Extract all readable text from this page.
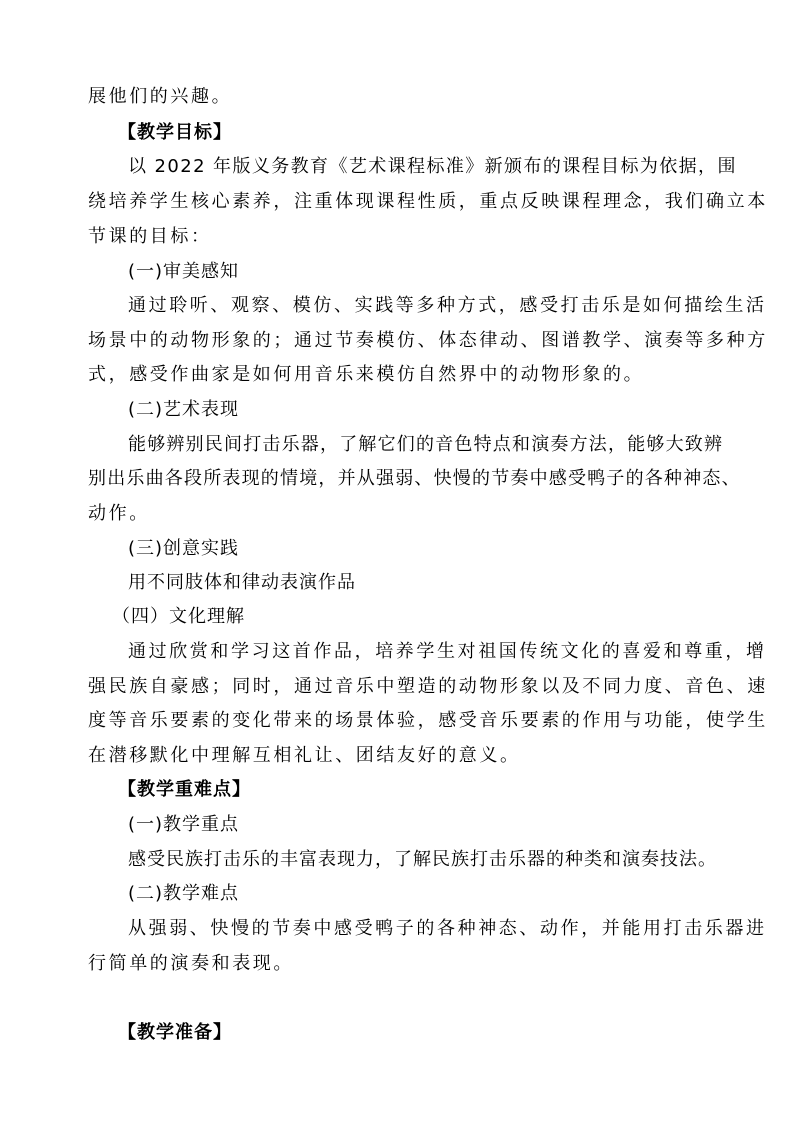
展他们的兴趣。
【教学目标】
以 2022 年版义务教育《艺术课程标准》新颁布的课程目标为依据，围
绕培养学生核心素养，注重体现课程性质，重点反映课程理念，我们确立本
节课的目标：
(一)审美感知
通过聆听、观察、模仿、实践等多种方式，感受打击乐是如何描绘生活
场景中的动物形象的；通过节奏模仿、体态律动、图谱教学、演奏等多种方
式，感受作曲家是如何用音乐来模仿自然界中的动物形象的。
(二)艺术表现
能够辨别民间打击乐器，了解它们的音色特点和演奏方法，能够大致辨
别出乐曲各段所表现的情境，并从强弱、快慢的节奏中感受鸭子的各种神态、
动作。
(三)创意实践
用不同肢体和律动表演作品
（四）文化理解
通过欣赏和学习这首作品，培养学生对祖国传统文化的喜爱和尊重，增
强民族自豪感；同时，通过音乐中塑造的动物形象以及不同力度、音色、速
度等音乐要素的变化带来的场景体验，感受音乐要素的作用与功能，使学生
在潜移默化中理解互相礼让、团结友好的意义。
【教学重难点】
(一)教学重点
感受民族打击乐的丰富表现力，了解民族打击乐器的种类和演奏技法。
(二)教学难点
从强弱、快慢的节奏中感受鸭子的各种神态、动作，并能用打击乐器进
行简单的演奏和表现。
【教学准备】
